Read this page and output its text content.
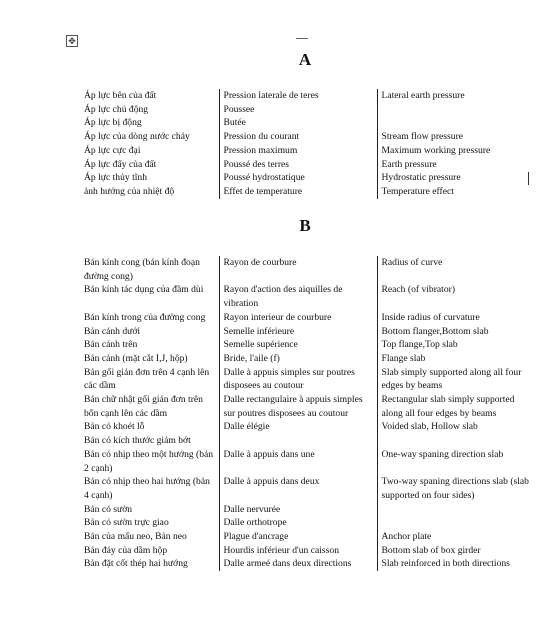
✥
A
Áp lực bên của đất	Pression laterale de teres	Lateral earth pressure
Áp lực chủ động	Poussee	
Áp lực bị động	Butée	
Áp lực của dòng nước chảy	Pression du courant	Stream flow pressure
Áp lực cực đại	Pression maximum	Maximum working pressure
Áp lực đẩy của đất	Poussé des terres	Earth pressure
Áp lực thủy tĩnh	Poussé hydrostatique	Hydrostatic pressure
ảnh hưởng của nhiệt độ	Effet de temperature	Temperature effect
B
Bán kính cong (bán kính đoạn đường cong)	Rayon de courbure	Radius of curve
Bán kính tác dụng của đầm dùi	Rayon d'action des aiquilles de vibration	Reach (of vibrator)
Bán kính trong của đường cong	Rayon interieur de courbure	Inside radius of curvature
Bản cánh dưới	Semelle inférieure	Bottom flanger,Bottom slab
Bản cánh trên	Semelle supérience	Top flange,Top slab
Bản cánh (mặt cắt I,J, hộp)	Bride, l'aile (f)	Flange slab
Bản gối giản đơn trên 4 cạnh lên các dầm	Dalle à appuis simples sur poutres disposees au coutour	Slab simply supported along all four edges by beams
Bản chữ nhật gối giản đơn trên bốn cạnh lên các dầm	Dalle rectangulaire à appuis simples sur poutres disposees au coutour	Rectangular slab simply supported along all four edges by beams
Bản có khoét lỗ	Dalle élégie	Voided slab, Hollow slab
Bản có kích thước giảm bớt		
Bản có nhịp theo một hướng (bản 2 cạnh)	Dalle à appuis dans une	One-way spaning direction slab
Bản có nhịp theo hai hướng (bản 4 cạnh)	Dalle à appuis dans deux	Two-way spaning directions slab (slab supported on four sides)

Bản có sườn	Dalle nervurée	
Bản có sườn trực giao	Dalle orthotrope	
Bản của mấu neo, Bản neo	Plague d'ancrage	Anchor plate
Bản đáy của dầm hộp	Hourdis inférieur d'un caisson	Bottom slab of box girder
Bản đặt cốt thép hai hướng	Dalle armeé dans deux directions	Slab reinforced in both directions
